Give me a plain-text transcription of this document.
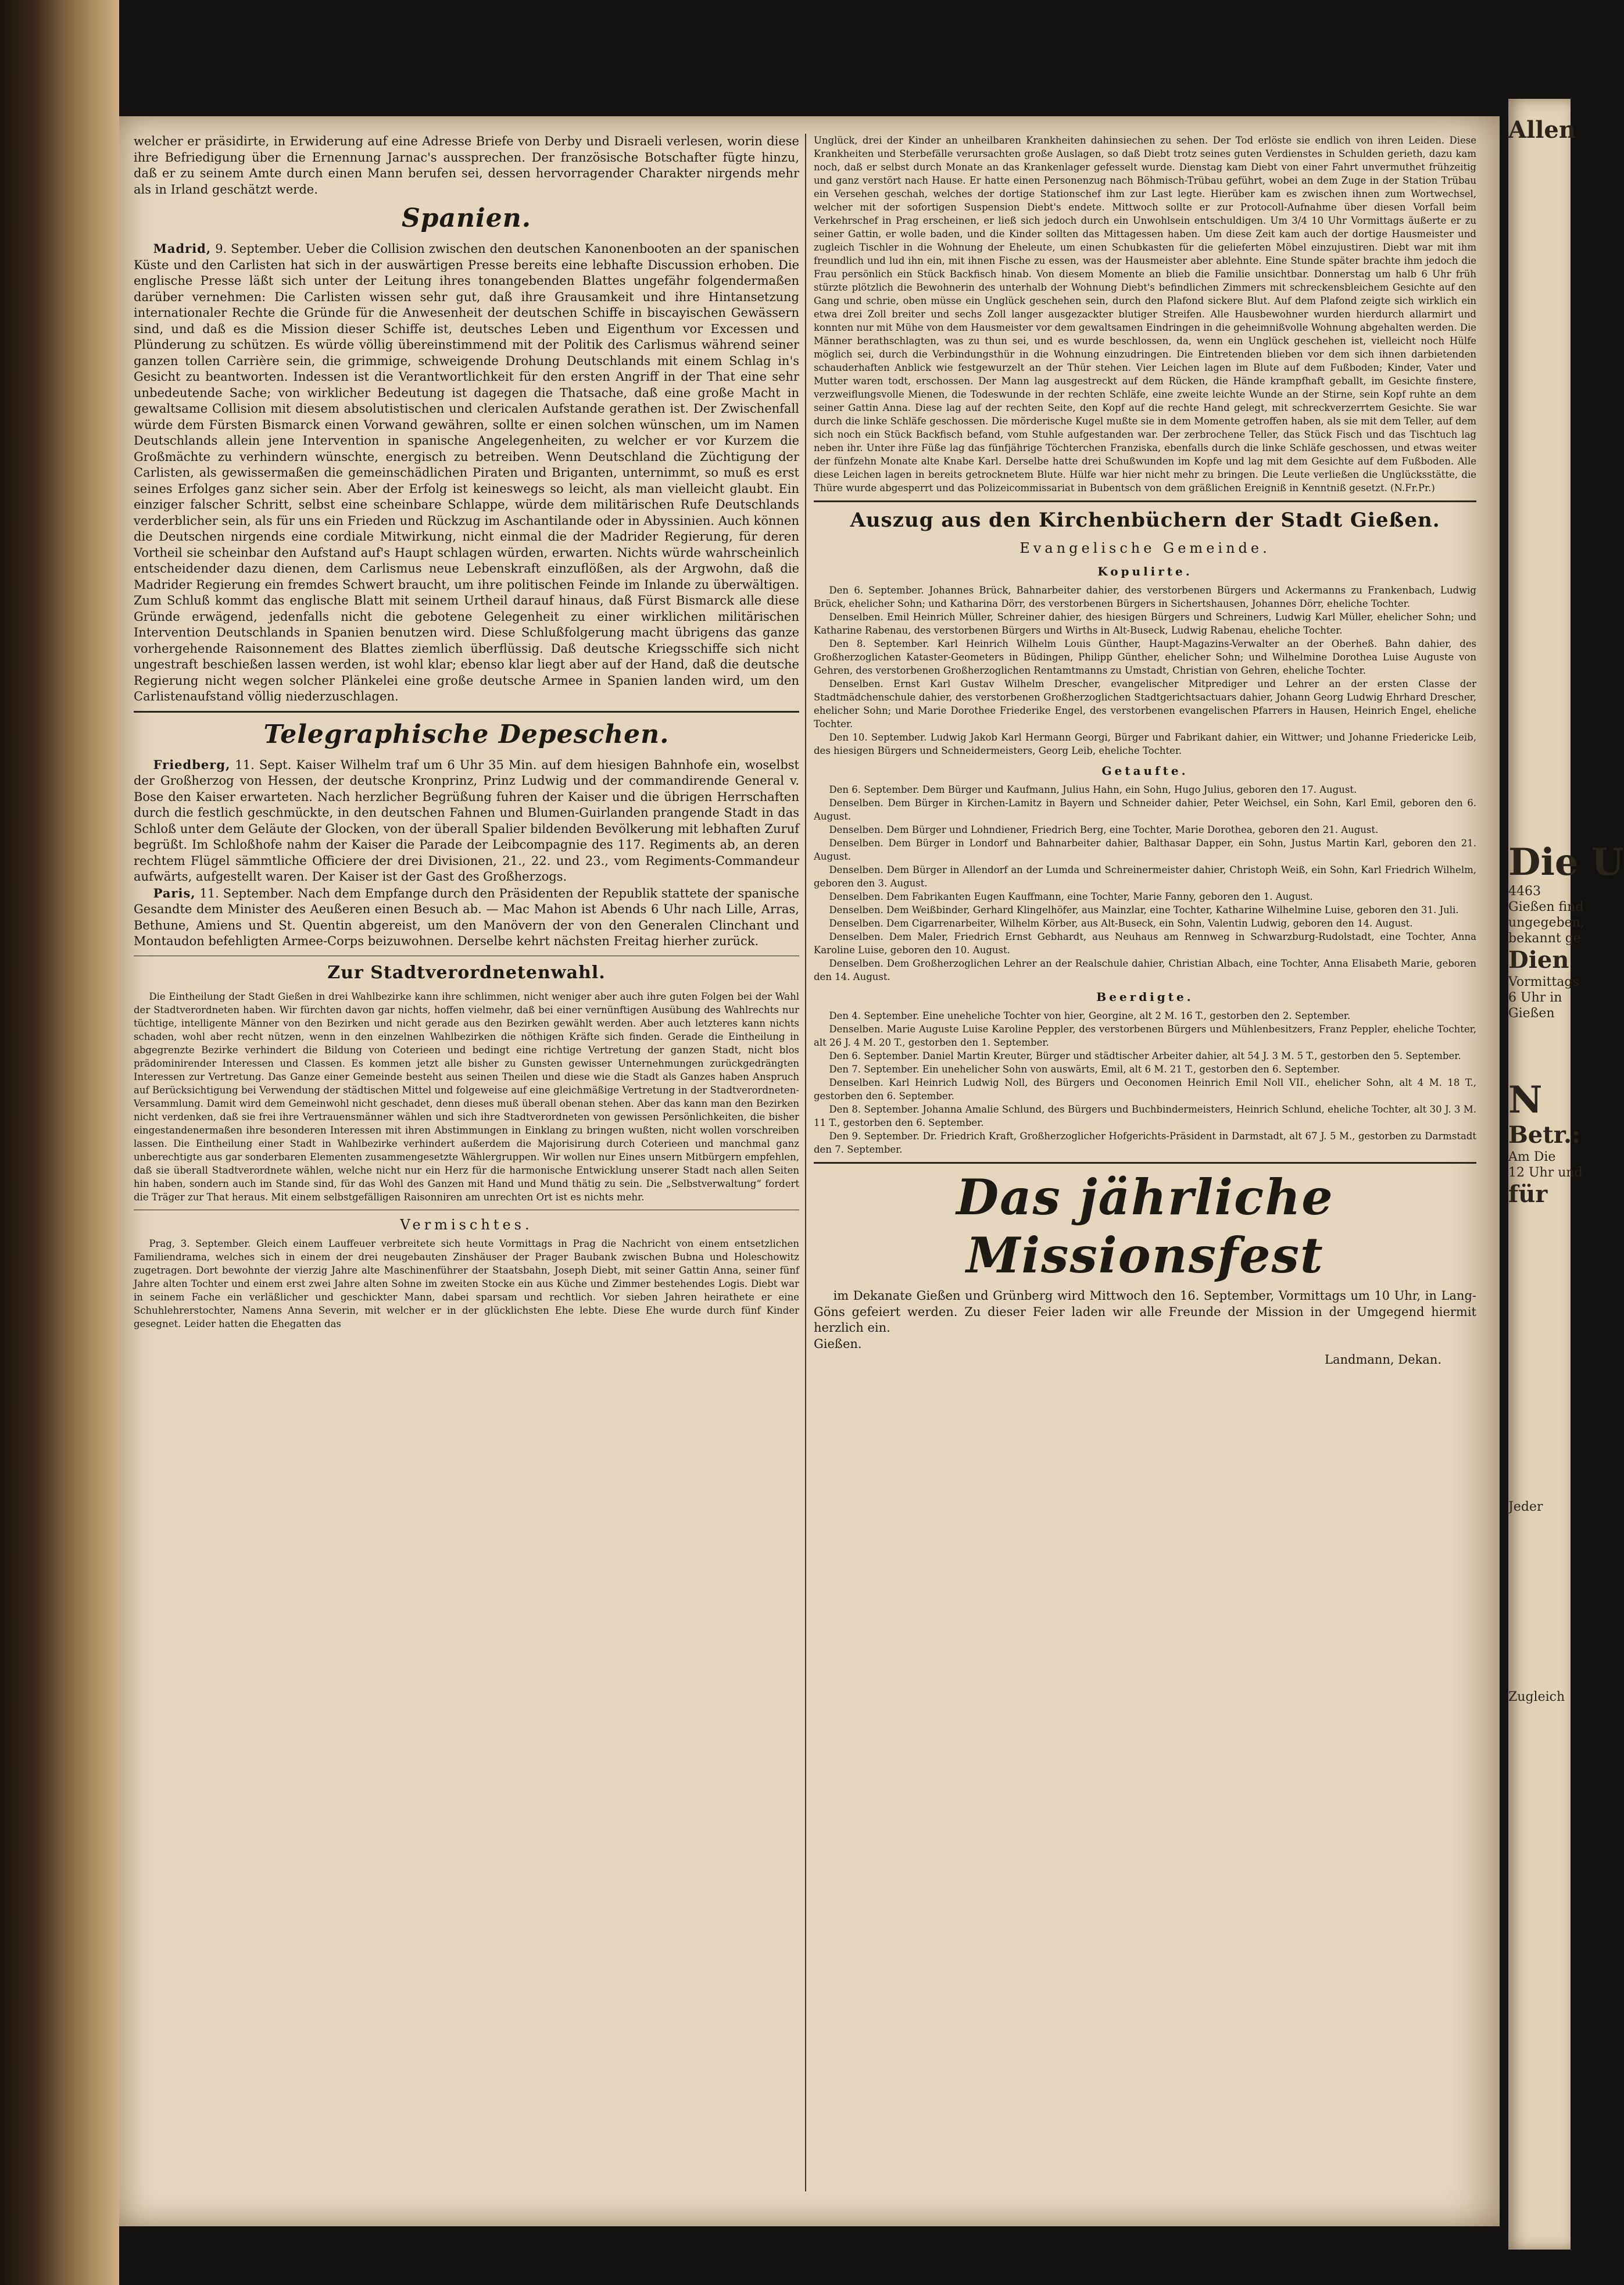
welcher er präsidirte, in Erwiderung auf eine Adresse Briefe von Derby und Disraeli verlesen, worin diese ihre Befriedigung über die Ernennung Jarnac's aussprechen. Der französische Botschafter fügte hinzu, daß er zu seinem Amte durch einen Mann berufen sei, dessen hervorragender Charakter nirgends mehr als in Irland geschätzt werde.

Spanien.

Madrid, 9. September. Ueber die Collision zwischen den deutschen Kanonenbooten an der spanischen Küste und den Carlisten hat sich in der auswärtigen Presse bereits eine lebhafte Discussion erhoben. Die englische Presse läßt sich unter der Leitung ihres tonangebenden Blattes ungefähr folgendermaßen darüber vernehmen: Die Carlisten wissen sehr gut, daß ihre Grausamkeit und ihre Hintansetzung internationaler Rechte die Gründe für die Anwesenheit der deutschen Schiffe in biscayischen Gewässern sind, und daß es die Mission dieser Schiffe ist, deutsches Leben und Eigenthum vor Excessen und Plünderung zu schützen. Es würde völlig übereinstimmend mit der Politik des Carlismus während seiner ganzen tollen Carrière sein, die grimmige, schweigende Drohung Deutschlands mit einem Schlag in's Gesicht zu beantworten. Indessen ist die Verantwortlichkeit für den ersten Angriff in der That eine sehr unbedeutende Sache; von wirklicher Bedeutung ist dagegen die Thatsache, daß eine große Macht in gewaltsame Collision mit diesem absolutistischen und clericalen Aufstande gerathen ist. Der Zwischenfall würde dem Fürsten Bismarck einen Vorwand gewähren, sollte er einen solchen wünschen, um im Namen Deutschlands allein jene Intervention in spanische Angelegenheiten, zu welcher er vor Kurzem die Großmächte zu verhindern wünschte, energisch zu betreiben. Wenn Deutschland die Züchtigung der Carlisten, als gewissermaßen die gemeinschädlichen Piraten und Briganten, unternimmt, so muß es erst seines Erfolges ganz sicher sein. Aber der Erfolg ist keineswegs so leicht, als man vielleicht glaubt. Ein einziger falscher Schritt, selbst eine scheinbare Schlappe, würde dem militärischen Rufe Deutschlands verderblicher sein, als für uns ein Frieden und Rückzug im Aschantilande oder in Abyssinien. Auch können die Deutschen nirgends eine cordiale Mitwirkung, nicht einmal die der Madrider Regierung, für deren Vortheil sie scheinbar den Aufstand auf's Haupt schlagen würden, erwarten. Nichts würde wahrscheinlich entscheidender dazu dienen, dem Carlismus neue Lebenskraft einzuflößen, als der Argwohn, daß die Madrider Regierung ein fremdes Schwert braucht, um ihre politischen Feinde im Inlande zu überwältigen. Zum Schluß kommt das englische Blatt mit seinem Urtheil darauf hinaus, daß Fürst Bismarck alle diese Gründe erwägend, jedenfalls nicht die gebotene Gelegenheit zu einer wirklichen militärischen Intervention Deutschlands in Spanien benutzen wird. Diese Schlußfolgerung macht übrigens das ganze vorhergehende Raisonnement des Blattes ziemlich überflüssig. Daß deutsche Kriegsschiffe sich nicht ungestraft beschießen lassen werden, ist wohl klar; ebenso klar liegt aber auf der Hand, daß die deutsche Regierung nicht wegen solcher Plänkelei eine große deutsche Armee in Spanien landen wird, um den Carlistenaufstand völlig niederzuschlagen.

Telegraphische Depeschen.

Friedberg, 11. Sept. Kaiser Wilhelm traf um 6 Uhr 35 Min. auf dem hiesigen Bahnhofe ein, woselbst der Großherzog von Hessen, der deutsche Kronprinz, Prinz Ludwig und der commandirende General v. Bose den Kaiser erwarteten. Nach herzlicher Begrüßung fuhren der Kaiser und die übrigen Herrschaften durch die festlich geschmückte, in den deutschen Fahnen und Blumen-Guirlanden prangende Stadt in das Schloß unter dem Geläute der Glocken, von der überall Spalier bildenden Bevölkerung mit lebhaften Zuruf begrüßt. Im Schloßhofe nahm der Kaiser die Parade der Leibcompagnie des 117. Regiments ab, an deren rechtem Flügel sämmtliche Officiere der drei Divisionen, 21., 22. und 23., vom Regiments-Commandeur aufwärts, aufgestellt waren. Der Kaiser ist der Gast des Großherzogs.

Paris, 11. September. Nach dem Empfange durch den Präsidenten der Republik stattete der spanische Gesandte dem Minister des Aeußeren einen Besuch ab. — Mac Mahon ist Abends 6 Uhr nach Lille, Arras, Bethune, Amiens und St. Quentin abgereist, um den Manövern der von den Generalen Clinchant und Montaudon befehligten Armee-Corps beizuwohnen. Derselbe kehrt nächsten Freitag hierher zurück.

Zur Stadtverordnetenwahl.

Die Eintheilung der Stadt Gießen in drei Wahlbezirke kann ihre schlimmen, nicht weniger aber auch ihre guten Folgen bei der Wahl der Stadtverordneten haben. Wir fürchten davon gar nichts, hoffen vielmehr, daß bei einer vernünftigen Ausübung des Wahlrechts nur tüchtige, intelligente Männer von den Bezirken und nicht gerade aus den Bezirken gewählt werden. Aber auch letzteres kann nichts schaden, wohl aber recht nützen, wenn in den einzelnen Wahlbezirken die nöthigen Kräfte sich finden. Gerade die Eintheilung in abgegrenzte Bezirke verhindert die Bildung von Coterieen und bedingt eine richtige Vertretung der ganzen Stadt, nicht blos prädominirender Interessen und Classen. Es kommen jetzt alle bisher zu Gunsten gewisser Unternehmungen zurückgedrängten Interessen zur Vertretung. Das Ganze einer Gemeinde besteht aus seinen Theilen und diese wie die Stadt als Ganzes haben Anspruch auf Berücksichtigung bei Verwendung der städtischen Mittel und folgeweise auf eine gleichmäßige Vertretung in der Stadtverordneten-Versammlung. Damit wird dem Gemeinwohl nicht geschadet, denn dieses muß überall obenan stehen. Aber das kann man den Bezirken nicht verdenken, daß sie frei ihre Vertrauensmänner wählen und sich ihre Stadtverordneten von gewissen Persönlichkeiten, die bisher eingestandenermaßen ihre besonderen Interessen mit ihren Abstimmungen in Einklang zu bringen wußten, nicht wollen vorschreiben lassen. Die Eintheilung einer Stadt in Wahlbezirke verhindert außerdem die Majorisirung durch Coterieen und manchmal ganz unberechtigte aus gar sonderbaren Elementen zusammengesetzte Wählergruppen. Wir wollen nur Eines unsern Mitbürgern empfehlen, daß sie überall Stadtverordnete wählen, welche nicht nur ein Herz für die harmonische Entwicklung unserer Stadt nach allen Seiten hin haben, sondern auch im Stande sind, für das Wohl des Ganzen mit Hand und Mund thätig zu sein. Die „Selbstverwaltung“ fordert die Träger zur That heraus. Mit einem selbstgefälligen Raisonniren am unrechten Ort ist es nichts mehr.

Vermischtes.

Prag, 3. September. Gleich einem Lauffeuer verbreitete sich heute Vormittags in Prag die Nachricht von einem entsetzlichen Familiendrama, welches sich in einem der drei neugebauten Zinshäuser der Prager Baubank zwischen Bubna und Holeschowitz zugetragen. Dort bewohnte der vierzig Jahre alte Maschinenführer der Staatsbahn, Joseph Diebt, mit seiner Gattin Anna, seiner fünf Jahre alten Tochter und einem erst zwei Jahre alten Sohne im zweiten Stocke ein aus Küche und Zimmer bestehendes Logis. Diebt war in seinem Fache ein verläßlicher und geschickter Mann, dabei sparsam und rechtlich. Vor sieben Jahren heirathete er eine Schuhlehrerstochter, Namens Anna Severin, mit welcher er in der glücklichsten Ehe lebte. Diese Ehe wurde durch fünf Kinder gesegnet. Leider hatten die Ehegatten das

Unglück, drei der Kinder an unheilbaren Krankheiten dahinsiechen zu sehen. Der Tod erlöste sie endlich von ihren Leiden. Diese Krankheiten und Sterbefälle verursachten große Auslagen, so daß Diebt trotz seines guten Verdienstes in Schulden gerieth, dazu kam noch, daß er selbst durch Monate an das Krankenlager gefesselt wurde. Dienstag kam Diebt von einer Fahrt unvermuthet frühzeitig und ganz verstört nach Hause. Er hatte einen Personenzug nach Böhmisch-Trübau geführt, wobei an dem Zuge in der Station Trübau ein Versehen geschah, welches der dortige Stationschef ihm zur Last legte. Hierüber kam es zwischen ihnen zum Wortwechsel, welcher mit der sofortigen Suspension Diebt's endete. Mittwoch sollte er zur Protocoll-Aufnahme über diesen Vorfall beim Verkehrschef in Prag erscheinen, er ließ sich jedoch durch ein Unwohlsein entschuldigen. Um 3/4 10 Uhr Vormittags äußerte er zu seiner Gattin, er wolle baden, und die Kinder sollten das Mittagessen haben. Um diese Zeit kam auch der dortige Hausmeister und zugleich Tischler in die Wohnung der Eheleute, um einen Schubkasten für die gelieferten Möbel einzujustiren. Diebt war mit ihm freundlich und lud ihn ein, mit ihnen Fische zu essen, was der Hausmeister aber ablehnte. Eine Stunde später brachte ihm jedoch die Frau persönlich ein Stück Backfisch hinab. Von diesem Momente an blieb die Familie unsichtbar. Donnerstag um halb 6 Uhr früh stürzte plötzlich die Bewohnerin des unterhalb der Wohnung Diebt's befindlichen Zimmers mit schreckensbleichem Gesichte auf den Gang und schrie, oben müsse ein Unglück geschehen sein, durch den Plafond sickere Blut. Auf dem Plafond zeigte sich wirklich ein etwa drei Zoll breiter und sechs Zoll langer ausgezackter blutiger Streifen. Alle Hausbewohner wurden hierdurch allarmirt und konnten nur mit Mühe von dem Hausmeister vor dem gewaltsamen Eindringen in die geheimnißvolle Wohnung abgehalten werden. Die Männer berathschlagten, was zu thun sei, und es wurde beschlossen, da, wenn ein Unglück geschehen ist, vielleicht noch Hülfe möglich sei, durch die Verbindungsthür in die Wohnung einzudringen. Die Eintretenden blieben vor dem sich ihnen darbietenden schauderhaften Anblick wie festgewurzelt an der Thür stehen. Vier Leichen lagen im Blute auf dem Fußboden; Kinder, Vater und Mutter waren todt, erschossen. Der Mann lag ausgestreckt auf dem Rücken, die Hände krampfhaft geballt, im Gesichte finstere, verzweiflungsvolle Mienen, die Todeswunde in der rechten Schläfe, eine zweite leichte Wunde an der Stirne, sein Kopf ruhte an dem seiner Gattin Anna. Diese lag auf der rechten Seite, den Kopf auf die rechte Hand gelegt, mit schreckverzerrtem Gesichte. Sie war durch die linke Schläfe geschossen. Die mörderische Kugel mußte sie in dem Momente getroffen haben, als sie mit dem Teller, auf dem sich noch ein Stück Backfisch befand, vom Stuhle aufgestanden war. Der zerbrochene Teller, das Stück Fisch und das Tischtuch lag neben ihr. Unter ihre Füße lag das fünfjährige Töchterchen Franziska, ebenfalls durch die linke Schläfe geschossen, und etwas weiter der fünfzehn Monate alte Knabe Karl. Derselbe hatte drei Schußwunden im Kopfe und lag mit dem Gesichte auf dem Fußboden. Alle diese Leichen lagen in bereits getrocknetem Blute. Hülfe war hier nicht mehr zu bringen. Die Leute verließen die Unglücksstätte, die Thüre wurde abgesperrt und das Polizeicommissariat in Bubentsch von dem gräßlichen Ereigniß in Kenntniß gesetzt. (N.Fr.Pr.)

Auszug aus den Kirchenbüchern der Stadt Gießen.
Evangelische Gemeinde.
Kopulirte.

Den 6. September. Johannes Brück, Bahnarbeiter dahier, des verstorbenen Bürgers und Ackermanns zu Frankenbach, Ludwig Brück, ehelicher Sohn; und Katharina Dörr, des verstorbenen Bürgers in Sichertshausen, Johannes Dörr, eheliche Tochter.

Denselben. Emil Heinrich Müller, Schreiner dahier, des hiesigen Bürgers und Schreiners, Ludwig Karl Müller, ehelicher Sohn; und Katharine Rabenau, des verstorbenen Bürgers und Wirths in Alt-Buseck, Ludwig Rabenau, eheliche Tochter.

Den 8. September. Karl Heinrich Wilhelm Louis Günther, Haupt-Magazins-Verwalter an der Oberheß. Bahn dahier, des Großherzoglichen Kataster-Geometers in Büdingen, Philipp Günther, ehelicher Sohn; und Wilhelmine Dorothea Luise Auguste von Gehren, des verstorbenen Großherzoglichen Rentamtmanns zu Umstadt, Christian von Gehren, eheliche Tochter.

Denselben. Ernst Karl Gustav Wilhelm Drescher, evangelischer Mitprediger und Lehrer an der ersten Classe der Stadtmädchenschule dahier, des verstorbenen Großherzoglichen Stadtgerichtsactuars dahier, Johann Georg Ludwig Ehrhard Drescher, ehelicher Sohn; und Marie Dorothee Friederike Engel, des verstorbenen evangelischen Pfarrers in Hausen, Heinrich Engel, eheliche Tochter.

Den 10. September. Ludwig Jakob Karl Hermann Georgi, Bürger und Fabrikant dahier, ein Wittwer; und Johanne Friedericke Leib, des hiesigen Bürgers und Schneidermeisters, Georg Leib, eheliche Tochter.

Getaufte.

Den 6. September. Dem Bürger und Kaufmann, Julius Hahn, ein Sohn, Hugo Julius, geboren den 17. August.

Denselben. Dem Bürger in Kirchen-Lamitz in Bayern und Schneider dahier, Peter Weichsel, ein Sohn, Karl Emil, geboren den 6. August.

Denselben. Dem Bürger und Lohndiener, Friedrich Berg, eine Tochter, Marie Dorothea, geboren den 21. August.

Denselben. Dem Bürger in Londorf und Bahnarbeiter dahier, Balthasar Dapper, ein Sohn, Justus Martin Karl, geboren den 21. August.

Denselben. Dem Bürger in Allendorf an der Lumda und Schreinermeister dahier, Christoph Weiß, ein Sohn, Karl Friedrich Wilhelm, geboren den 3. August.

Denselben. Dem Fabrikanten Eugen Kauffmann, eine Tochter, Marie Fanny, geboren den 1. August.

Denselben. Dem Weißbinder, Gerhard Klingelhöfer, aus Mainzlar, eine Tochter, Katharine Wilhelmine Luise, geboren den 31. Juli.

Denselben. Dem Cigarrenarbeiter, Wilhelm Körber, aus Alt-Buseck, ein Sohn, Valentin Ludwig, geboren den 14. August.

Denselben. Dem Maler, Friedrich Ernst Gebhardt, aus Neuhaus am Rennweg in Schwarzburg-Rudolstadt, eine Tochter, Anna Karoline Luise, geboren den 10. August.

Denselben. Dem Großherzoglichen Lehrer an der Realschule dahier, Christian Albach, eine Tochter, Anna Elisabeth Marie, geboren den 14. August.

Beerdigte.

Den 4. September. Eine uneheliche Tochter von hier, Georgine, alt 2 M. 16 T., gestorben den 2. September.

Denselben. Marie Auguste Luise Karoline Peppler, des verstorbenen Bürgers und Mühlenbesitzers, Franz Peppler, eheliche Tochter, alt 26 J. 4 M. 20 T., gestorben den 1. September.

Den 6. September. Daniel Martin Kreuter, Bürger und städtischer Arbeiter dahier, alt 54 J. 3 M. 5 T., gestorben den 5. September.

Den 7. September. Ein unehelicher Sohn von auswärts, Emil, alt 6 M. 21 T., gestorben den 6. September.

Denselben. Karl Heinrich Ludwig Noll, des Bürgers und Oeconomen Heinrich Emil Noll VII., ehelicher Sohn, alt 4 M. 18 T., gestorben den 6. September.

Den 8. September. Johanna Amalie Schlund, des Bürgers und Buchbindermeisters, Heinrich Schlund, eheliche Tochter, alt 30 J. 3 M. 11 T., gestorben den 6. September.

Den 9. September. Dr. Friedrich Kraft, Großherzoglicher Hofgerichts-Präsident in Darmstadt, alt 67 J. 5 M., gestorben zu Darmstadt den 7. September.

Das jährliche Missionsfest

im Dekanate Gießen und Grünberg wird Mittwoch den 16. September, Vormittags um 10 Uhr, in Lang-Göns gefeiert werden. Zu dieser Feier laden wir alle Freunde der Mission in der Umgegend hiermit herzlich ein.

Gießen.

Landmann, Dekan.

Allen

Die U

4463

Gießen find

ungegeben,

bekannt ge

Dien

Vormittags

6 Uhr in

Gießen

N

Betr.:

Am Die

12 Uhr und

für

Jeder

Zugleich
